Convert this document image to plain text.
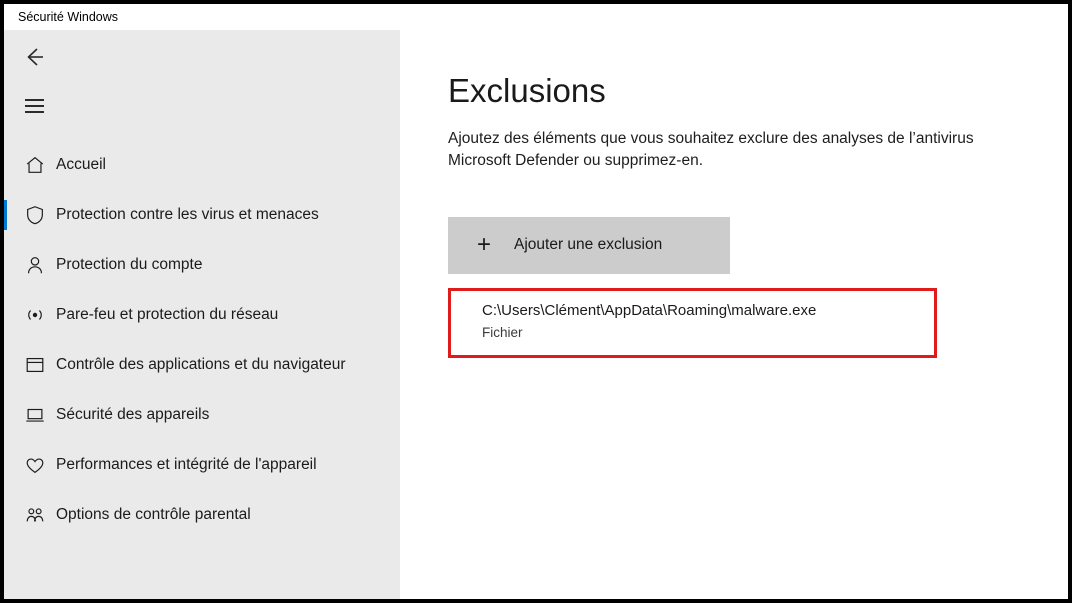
Sécurité Windows
Accueil
Protection contre les virus et menaces
Protection du compte
Pare-feu et protection du réseau
Contrôle des applications et du navigateur
Sécurité des appareils
Performances et intégrité de l'appareil
Options de contrôle parental
Exclusions

Ajoutez des éléments que vous souhaitez exclure des analyses de l’antivirus Microsoft Defender ou supprimez-en.

+	Ajouter une exclusion
C:\Users\Clément\AppData\Roaming\malware.exe
Fichier
